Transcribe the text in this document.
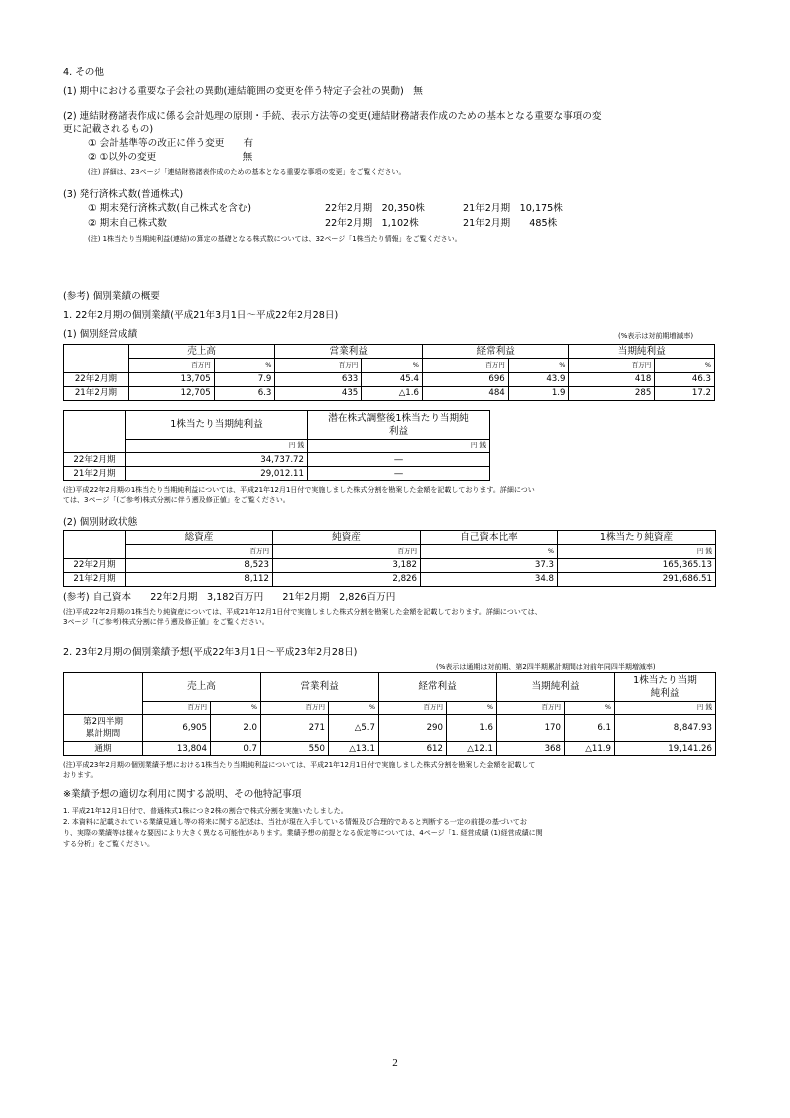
4. その他
(1) 期中における重要な子会社の異動(連結範囲の変更を伴う特定子会社の異動)　無
(2) 連結財務諸表作成に係る会計処理の原則・手続、表示方法等の変更(連結財務諸表作成のための基本となる重要な事項の変
更に記載されるもの)
① 会計基準等の改正に伴う変更　　有
② ①以外の変更　　　　　　　　　無
(注) 詳細は、23ページ「連結財務諸表作成のための基本となる重要な事項の変更」をご覧ください。
(3) 発行済株式数(普通株式)
① 期末発行済株式数(自己株式を含む)	22年2月期　20,350株	21年2月期　10,175株
② 期末自己株式数	22年2月期　1,102株	21年2月期　　485株
(注) 1株当たり当期純利益(連結)の算定の基礎となる株式数については、32ページ「1株当たり情報」をご覧ください。
(参考) 個別業績の概要
1. 22年2月期の個別業績(平成21年3月1日～平成22年2月28日)
(1) 個別経営成績	(%表示は対前期増減率)
	売上高		営業利益		経常利益		当期純利益	
	百万円	%	百万円	%	百万円	%	百万円	%
22年2月期	13,705	7.9	633	45.4	696	43.9	418	46.3
21年2月期	12,705	6.3	435	△1.6	484	1.9	285	17.2
	1株当たり当期純利益	潜在株式調整後1株当たり当期純
利益
	円 銭	円 銭
22年2月期	34,737.72	―
21年2月期	29,012.11	―
(注)平成22年2月期の1株当たり当期純利益については、平成21年12月1日付で実施しました株式分割を勘案した金額を記載しております。詳細につい
ては、3ページ「(ご参考)株式分割に伴う遡及修正値」をご覧ください。
(2) 個別財政状態
	総資産	純資産	自己資本比率	1株当たり純資産
	百万円	百万円	%	円 銭
22年2月期	8,523	3,182	37.3	165,365.13
21年2月期	8,112	2,826	34.8	291,686.51
(参考) 自己資本　　22年2月期　3,182百万円　　21年2月期　2,826百万円
(注)平成22年2月期の1株当たり純資産については、平成21年12月1日付で実施しました株式分割を勘案した金額を記載しております。詳細については、
3ページ「(ご参考)株式分割に伴う遡及修正値」をご覧ください。
2. 23年2月期の個別業績予想(平成22年3月1日～平成23年2月28日)
(%表示は通期は対前期、第2四半期累計期間は対前年同四半期増減率)
	売上高		営業利益		経常利益		当期純利益		1株当たり当期
純利益
	百万円	%	百万円	%	百万円	%	百万円	%	円 銭
第2四半期
累計期間	6,905	2.0	271	△5.7	290	1.6	170	6.1	8,847.93
通期	13,804	0.7	550	△13.1	612	△12.1	368	△11.9	19,141.26
(注)平成23年2月期の個別業績予想における1株当たり当期純利益については、平成21年12月1日付で実施しました株式分割を勘案した金額を記載して
おります。
※業績予想の適切な利用に関する説明、その他特記事項
1. 平成21年12月1日付で、普通株式1株につき2株の割合で株式分割を実施いたしました。
2. 本資料に記載されている業績見通し等の将来に関する記述は、当社が現在入手している情報及び合理的であると判断する一定の前提の基づいてお
り、実際の業績等は様々な要因により大きく異なる可能性があります。業績予想の前提となる仮定等については、4ページ「1. 経営成績 (1)経営成績に関
する分析」をご覧ください。
2
